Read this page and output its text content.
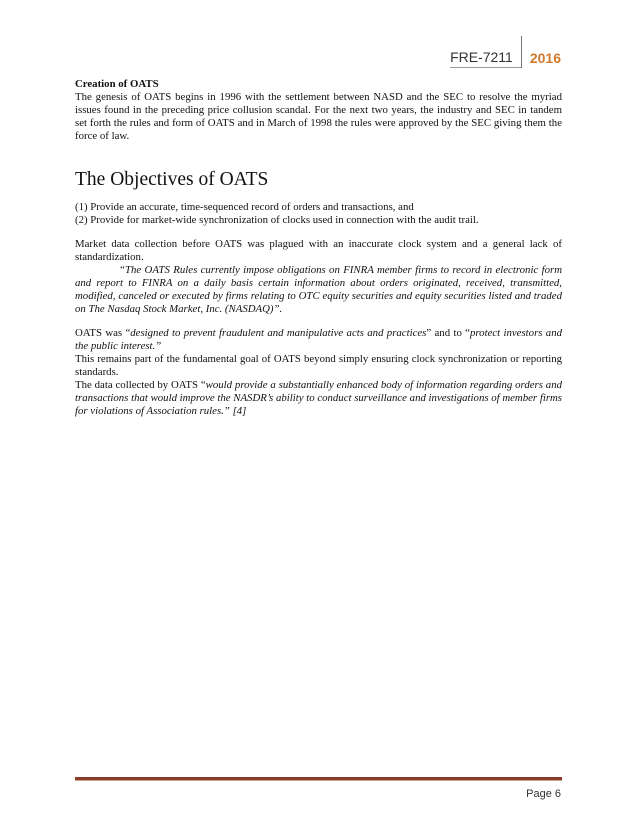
FRE-7211	2016

Creation of OATS

The genesis of OATS begins in 1996 with the settlement between NASD and the SEC to resolve the myriad issues found in the preceding price collusion scandal. For the next two years, the industry and SEC in tandem set forth the rules and form of OATS and in March of 1998 the rules were approved by the SEC giving them the force of law.

The Objectives of OATS

(1) Provide an accurate, time-sequenced record of orders and transactions, and

(2) Provide for market-wide synchronization of clocks used in connection with the audit trail.

Market data collection before OATS was plagued with an inaccurate clock system and a general lack of standardization.

“The OATS Rules currently impose obligations on FINRA member firms to record in electronic form and report to FINRA on a daily basis certain information about orders originated, received, transmitted, modified, canceled or executed by firms relating to OTC equity securities and equity securities listed and traded on The Nasdaq Stock Market, Inc. (NASDAQ)”.

OATS was “designed to prevent fraudulent and manipulative acts and practices” and to “protect investors and the public interest.”

This remains part of the fundamental goal of OATS beyond simply ensuring clock synchronization or reporting standards.

The data collected by OATS “would provide a substantially enhanced body of information regarding orders and transactions that would improve the NASDR’s ability to conduct surveillance and investigations of member firms for violations of Association rules.” [4]

Page 6
